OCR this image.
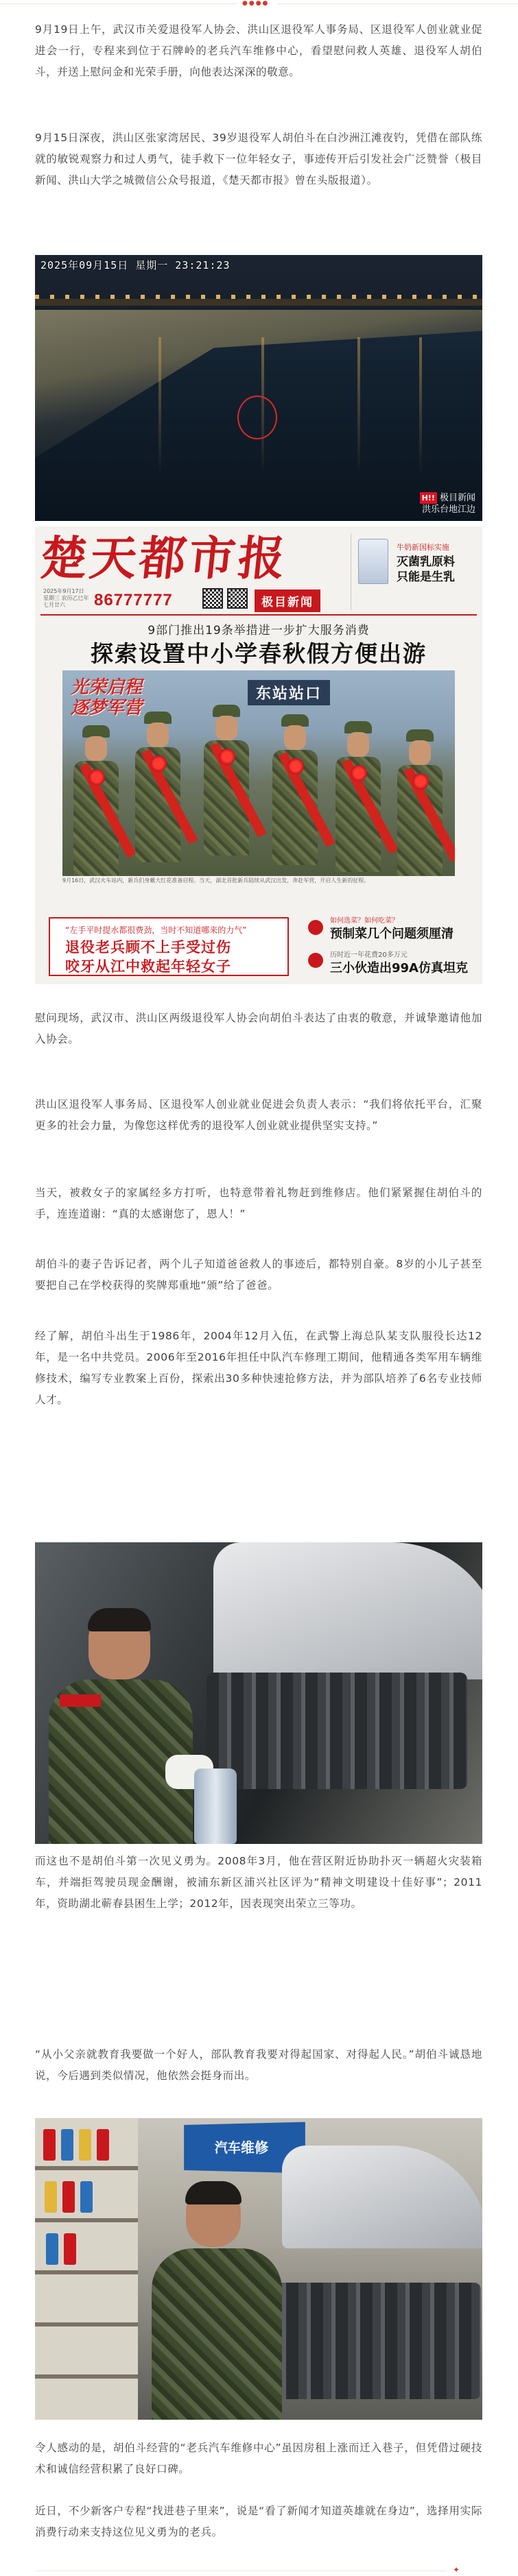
●●●●

9月19日上午，武汉市关爱退役军人协会、洪山区退役军人事务局、区退役军人创业就业促进会一行，专程来到位于石牌岭的老兵汽车维修中心，看望慰问救人英雄、退役军人胡伯斗，并送上慰问金和光荣手册，向他表达深深的敬意。

9月15日深夜，洪山区张家湾居民、39岁退役军人胡伯斗在白沙洲江滩夜钓，凭借在部队练就的敏锐观察力和过人勇气，徒手救下一位年轻女子，事迹传开后引发社会广泛赞誉（极目新闻、洪山大学之城微信公众号报道，《楚天都市报》曾在头版报道）。

2025年09月15日 星期一 23:21:23
H!! 极目新闻
洪乐台地江边
楚天都市报
2025年9月17日 星期三 农历乙巳年七月廿六	86777777	极目新闻
牛奶新国标实施
灭菌乳原料
只能是生乳
9部门推出19条举措进一步扩大服务消费
探索设置中小学春秋假方便出游
光荣启程
逐梦军营
东站站口
9月16日，武汉火车站内，新兵们身戴大红花准备启程。当天，湖北首批新兵陆续从武汉出发，奔赴军营，开启人生新的征程。
“左手平时提水都很费劲，当时不知道哪来的力气”
退役老兵顾不上手受过伤
咬牙从江中救起年轻女子
如何选菜？如何吃菜？
预制菜几个问题须厘清
历时近一年花费20多万元
三小伙造出99A仿真坦克

慰问现场，武汉市、洪山区两级退役军人协会向胡伯斗表达了由衷的敬意，并诚挚邀请他加入协会。

洪山区退役军人事务局、区退役军人创业就业促进会负责人表示：“我们将依托平台，汇聚更多的社会力量，为像您这样优秀的退役军人创业就业提供坚实支持。”

当天，被救女子的家属经多方打听，也特意带着礼物赶到维修店。他们紧紧握住胡伯斗的手，连连道谢：“真的太感谢您了，恩人！”

胡伯斗的妻子告诉记者，两个儿子知道爸爸救人的事迹后，都特别自豪。8岁的小儿子甚至要把自己在学校获得的奖牌郑重地“颁”给了爸爸。

经了解，胡伯斗出生于1986年，2004年12月入伍，在武警上海总队某支队服役长达12年，是一名中共党员。2006年至2016年担任中队汽车修理工期间，他精通各类军用车辆维修技术，编写专业教案上百份，探索出30多种快速抢修方法，并为部队培养了6名专业技师人才。

而这也不是胡伯斗第一次见义勇为。2008年3月，他在营区附近协助扑灭一辆超火灾装箱车，并端拒驾驶员现金酬谢，被浦东新区浦兴社区评为“精神文明建设十佳好事”；2011年，资助湖北蕲春县困生上学；2012年，因表现突出荣立三等功。

“从小父亲就教育我要做一个好人，部队教育我要对得起国家、对得起人民。”胡伯斗诚恳地说，今后遇到类似情况，他依然会挺身而出。

汽车维修

令人感动的是，胡伯斗经营的“老兵汽车维修中心”虽因房租上涨而迁入巷子，但凭借过硬技术和诚信经营积累了良好口碑。

近日，不少新客户专程“找进巷子里来”，说是“看了新闻才知道英雄就在身边”，选择用实际消费行动来支持这位见义勇为的老兵。

✦
